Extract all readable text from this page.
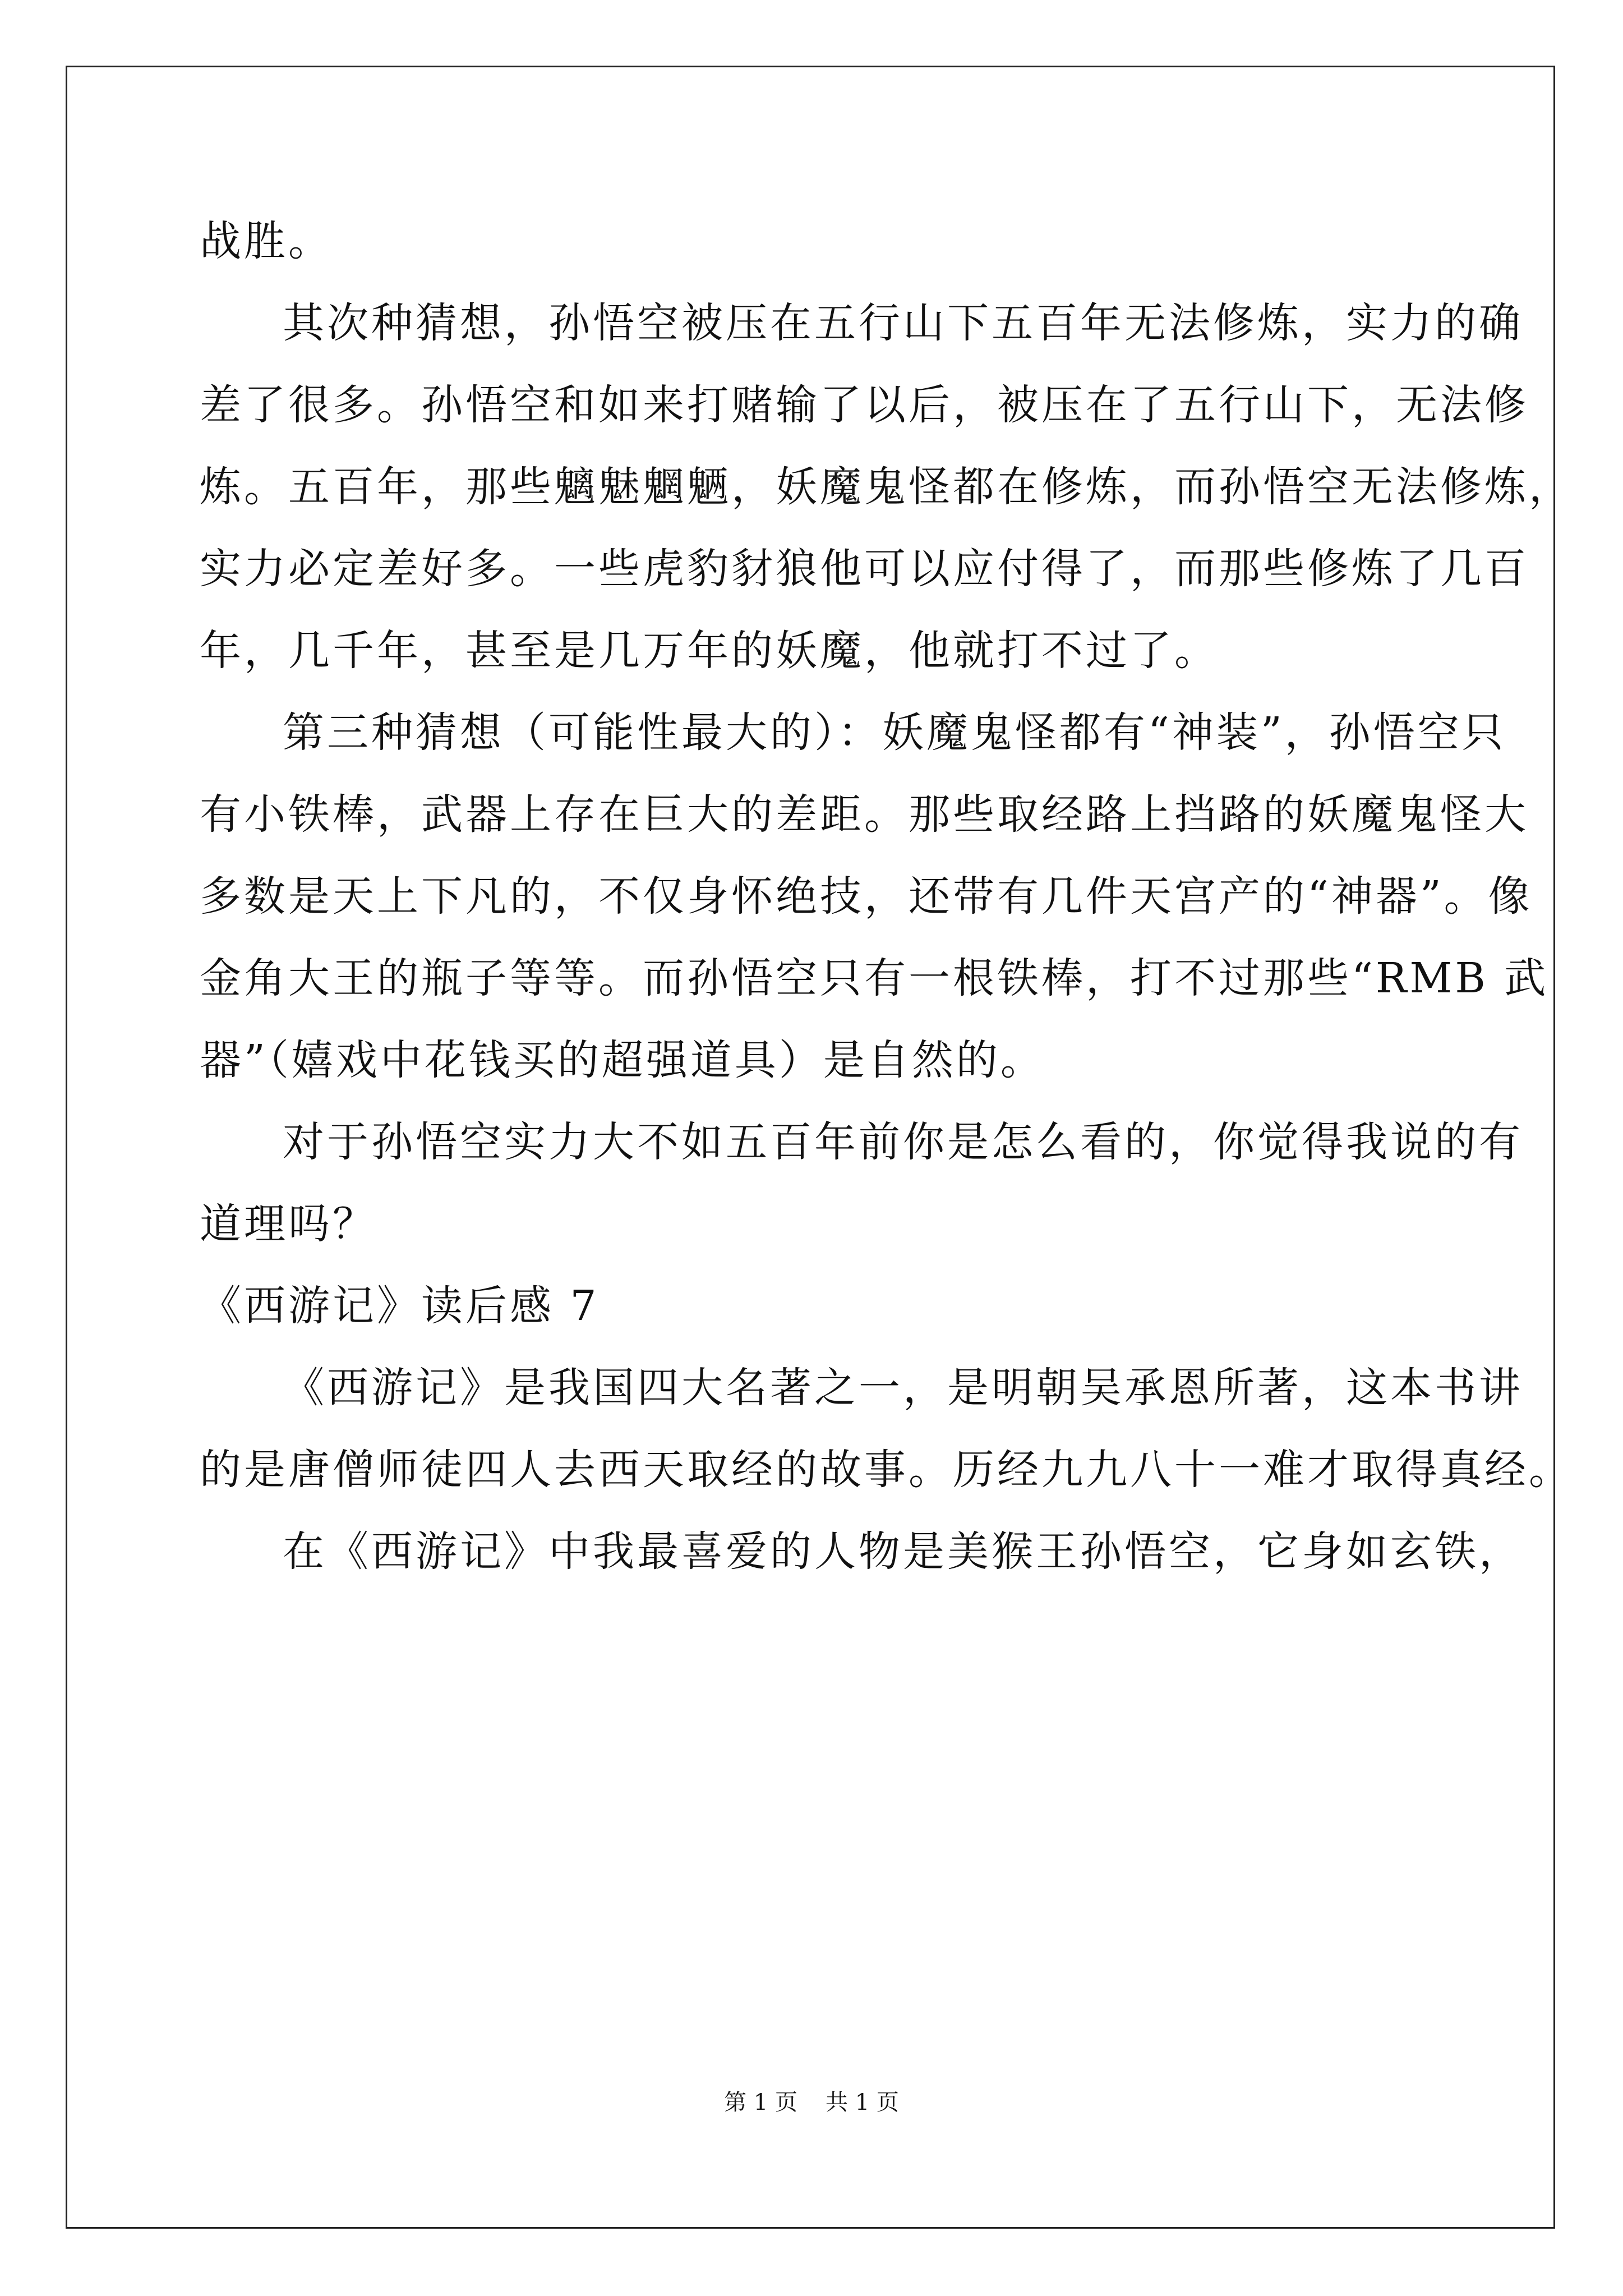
战胜。
其次种猜想，孙悟空被压在五行山下五百年无法修炼，实力的确
差了很多。孙悟空和如来打赌输了以后，被压在了五行山下，无法修
炼。五百年，那些魑魅魍魉，妖魔鬼怪都在修炼，而孙悟空无法修炼，
实力必定差好多。一些虎豹豺狼他可以应付得了，而那些修炼了几百
年，几千年，甚至是几万年的妖魔，他就打不过了。
第三种猜想（可能性最大的）：妖魔鬼怪都有“神装”，孙悟空只
有小铁棒，武器上存在巨大的差距。那些取经路上挡路的妖魔鬼怪大
多数是天上下凡的，不仅身怀绝技，还带有几件天宫产的“神器”。像
金角大王的瓶子等等。而孙悟空只有一根铁棒，打不过那些“RMB 武
器”（嬉戏中花钱买的超强道具）是自然的。
对于孙悟空实力大不如五百年前你是怎么看的，你觉得我说的有
道理吗？
《西游记》读后感 7
《西游记》是我国四大名著之一，是明朝吴承恩所著，这本书讲
的是唐僧师徒四人去西天取经的故事。历经九九八十一难才取得真经。
在《西游记》中我最喜爱的人物是美猴王孙悟空，它身如玄铁，
第 1 页 共 1 页
